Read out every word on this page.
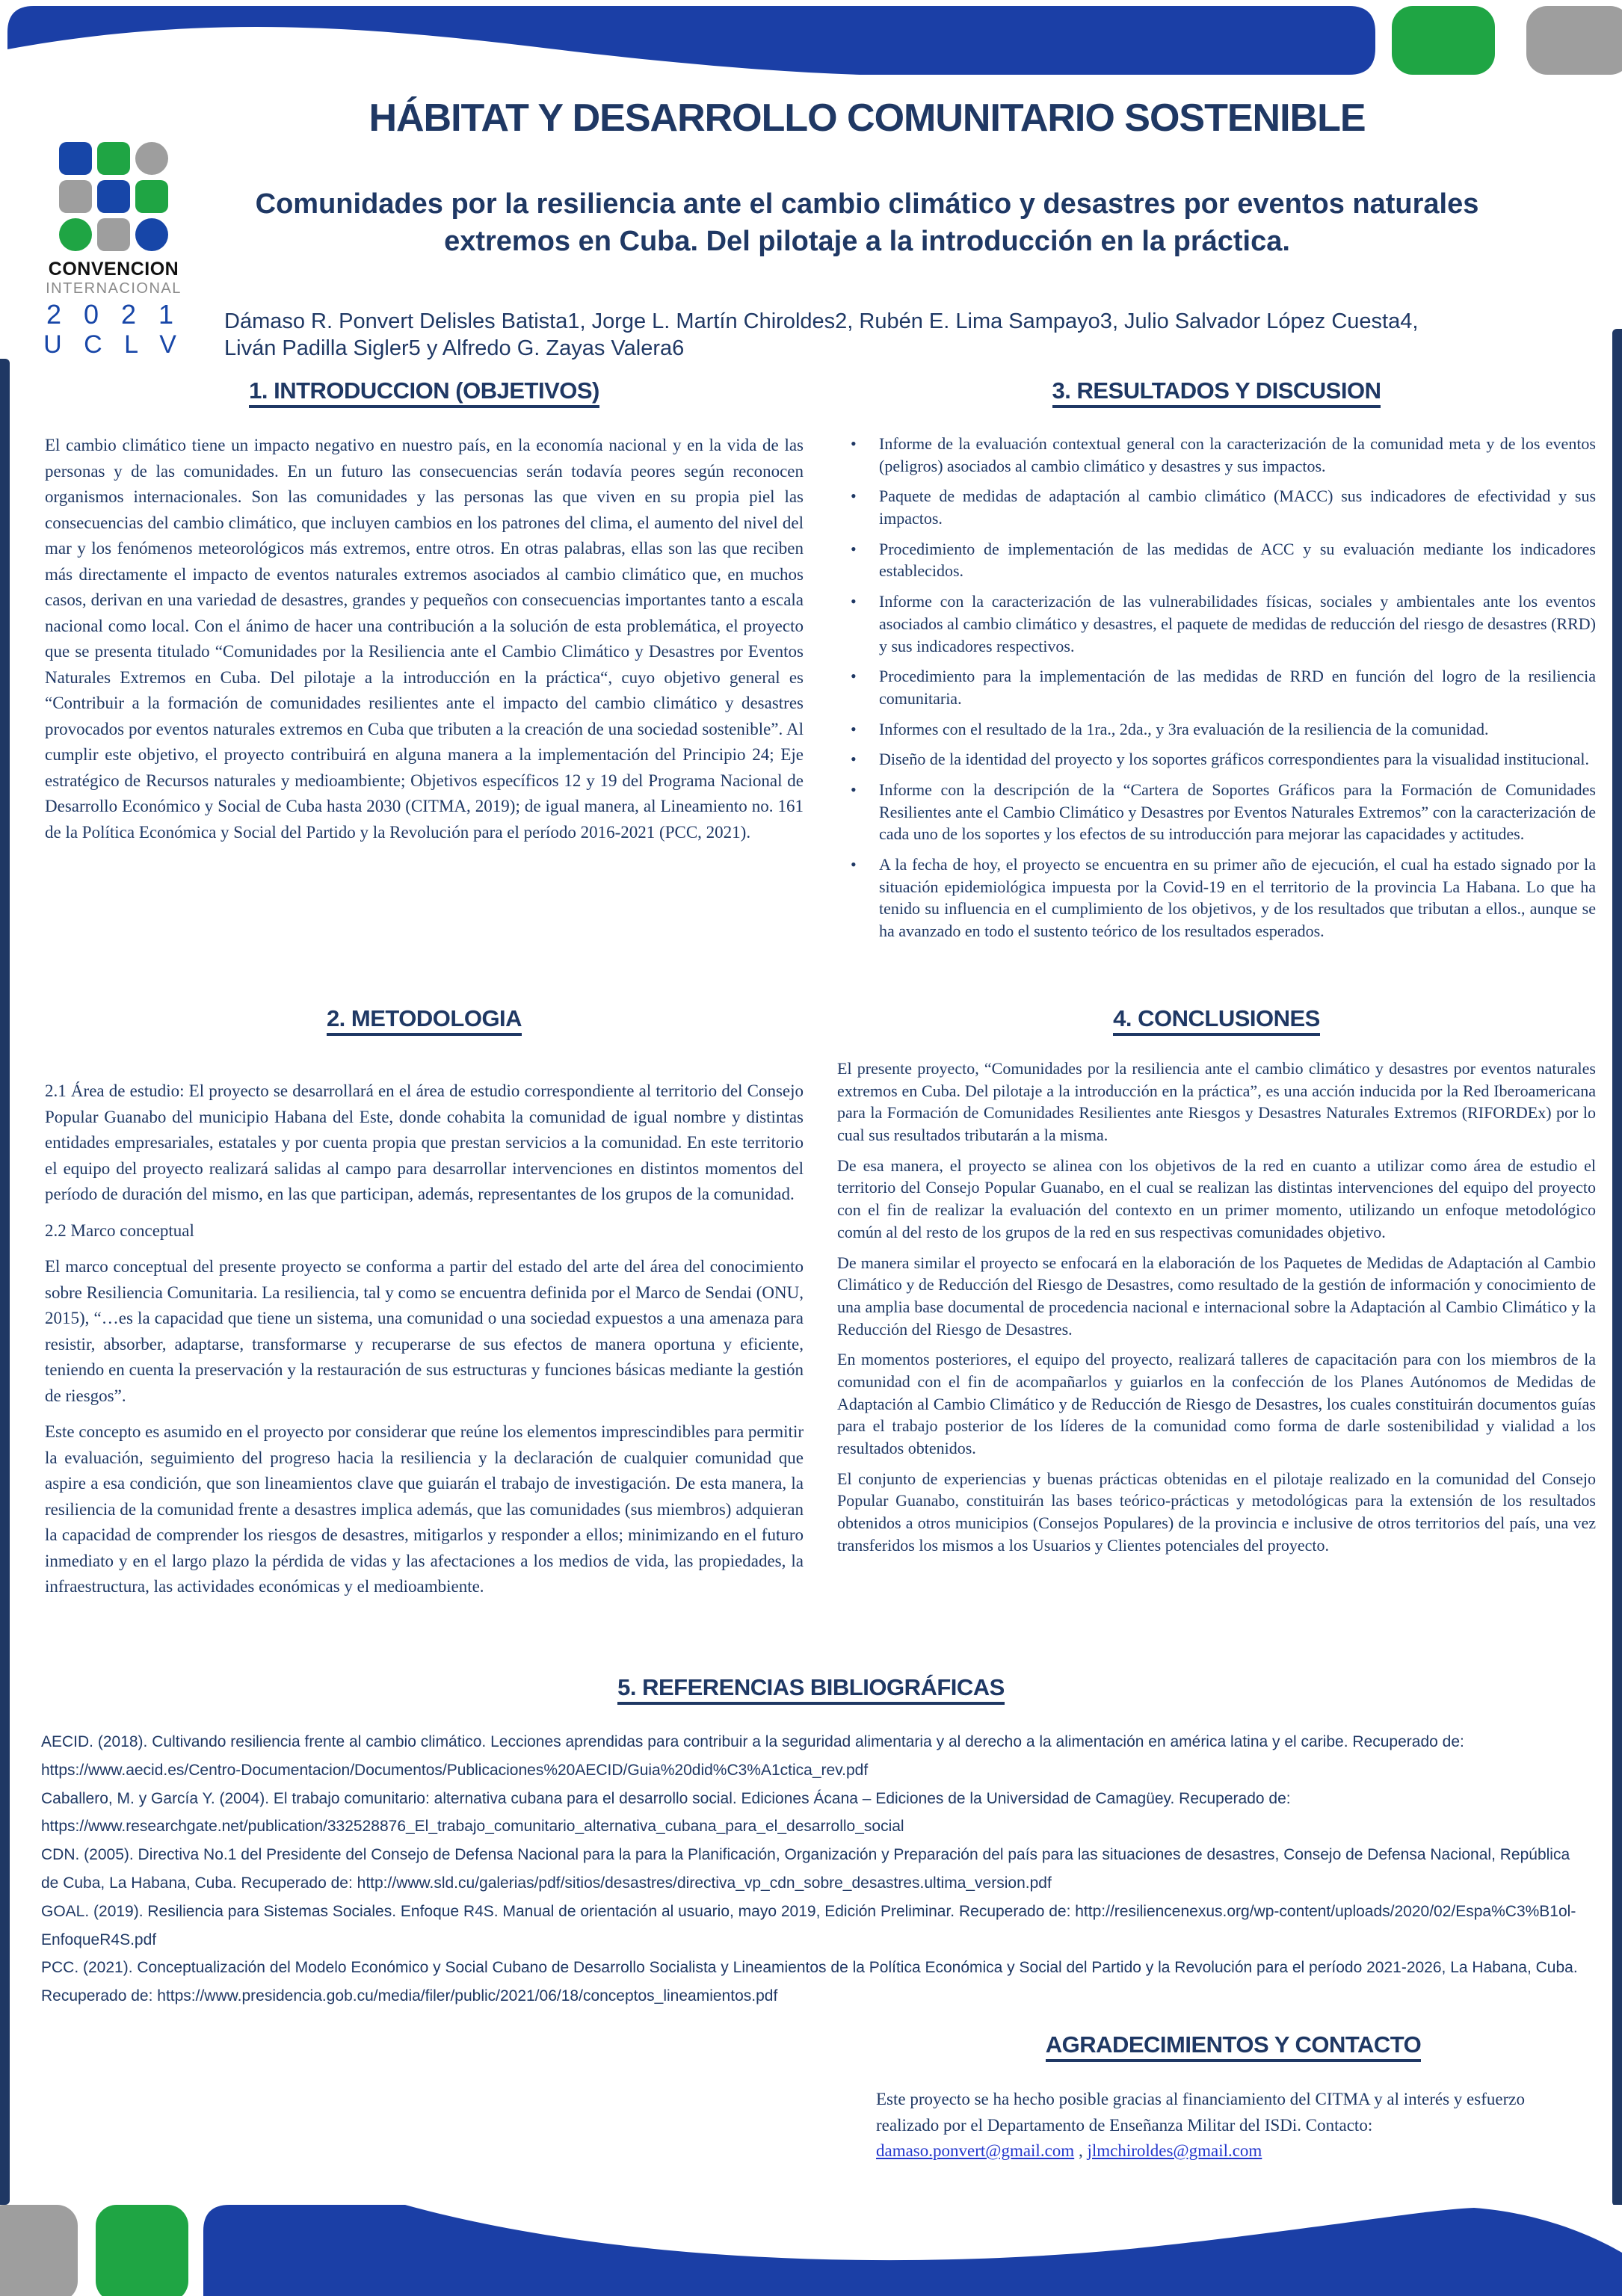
CONVENCION
INTERNACIONAL
2 0 2 1
U C L V
HÁBITAT Y DESARROLLO COMUNITARIO SOSTENIBLE
Comunidades por la resiliencia ante el cambio climático y desastres por eventos naturales extremos en Cuba. Del pilotaje a la introducción en la práctica.
Dámaso R. Ponvert Delisles Batista1, Jorge L. Martín Chiroldes2, Rubén E. Lima Sampayo3, Julio Salvador López Cuesta4, Liván Padilla Sigler5 y Alfredo G. Zayas Valera6
1. INTRODUCCION (OBJETIVOS)

El cambio climático tiene un impacto negativo en nuestro país, en la economía nacional y en la vida de las personas y de las comunidades. En un futuro las consecuencias serán todavía peores según reconocen organismos internacionales. Son las comunidades y las personas las que viven en su propia piel las consecuencias del cambio climático, que incluyen cambios en los patrones del clima, el aumento del nivel del mar y los fenómenos meteorológicos más extremos, entre otros. En otras palabras, ellas son las que reciben más directamente el impacto de eventos naturales extremos asociados al cambio climático que, en muchos casos, derivan en una variedad de desastres, grandes y pequeños con consecuencias importantes tanto a escala nacional como local. Con el ánimo de hacer una contribución a la solución de esta problemática, el proyecto que se presenta titulado “Comunidades por la Resiliencia ante el Cambio Climático y Desastres por Eventos Naturales Extremos en Cuba. Del pilotaje a la introducción en la práctica“, cuyo objetivo general es “Contribuir a la formación de comunidades resilientes ante el impacto del cambio climático y desastres provocados por eventos naturales extremos en Cuba que tributen a la creación de una sociedad sostenible”. Al cumplir este objetivo, el proyecto contribuirá en alguna manera a la implementación del Principio 24; Eje estratégico de Recursos naturales y medioambiente; Objetivos específicos 12 y 19 del Programa Nacional de Desarrollo Económico y Social de Cuba hasta 2030 (CITMA, 2019); de igual manera, al Lineamiento no. 161 de la Política Económica y Social del Partido y la Revolución para el período 2016-2021 (PCC, 2021).

2. METODOLOGIA

2.1 Área de estudio: El proyecto se desarrollará en el área de estudio correspondiente al territorio del Consejo Popular Guanabo del municipio Habana del Este, donde cohabita la comunidad de igual nombre y distintas entidades empresariales, estatales y por cuenta propia que prestan servicios a la comunidad. En este territorio el equipo del proyecto realizará salidas al campo para desarrollar intervenciones en distintos momentos del período de duración del mismo, en las que participan, además, representantes de los grupos de la comunidad.

2.2 Marco conceptual

El marco conceptual del presente proyecto se conforma a partir del estado del arte del área del conocimiento sobre Resiliencia Comunitaria. La resiliencia, tal y como se encuentra definida por el Marco de Sendai (ONU, 2015), “…es la capacidad que tiene un sistema, una comunidad o una sociedad expuestos a una amenaza para resistir, absorber, adaptarse, transformarse y recuperarse de sus efectos de manera oportuna y eficiente, teniendo en cuenta la preservación y la restauración de sus estructuras y funciones básicas mediante la gestión de riesgos”.

Este concepto es asumido en el proyecto por considerar que reúne los elementos imprescindibles para permitir la evaluación, seguimiento del progreso hacia la resiliencia y la declaración de cualquier comunidad que aspire a esa condición, que son lineamientos clave que guiarán el trabajo de investigación. De esta manera, la resiliencia de la comunidad frente a desastres implica además, que las comunidades (sus miembros) adquieran la capacidad de comprender los riesgos de desastres, mitigarlos y responder a ellos; minimizando en el futuro inmediato y en el largo plazo la pérdida de vidas y las afectaciones a los medios de vida, las propiedades, la infraestructura, las actividades económicas y el medioambiente.

3. RESULTADOS Y DISCUSION
• Informe de la evaluación contextual general con la caracterización de la comunidad meta y de los eventos (peligros) asociados al cambio climático y desastres y sus impactos.
• Paquete de medidas de adaptación al cambio climático (MACC) sus indicadores de efectividad y sus impactos.
• Procedimiento de implementación de las medidas de ACC y su evaluación mediante los indicadores establecidos.
• Informe con la caracterización de las vulnerabilidades físicas, sociales y ambientales ante los eventos asociados al cambio climático y desastres, el paquete de medidas de reducción del riesgo de desastres (RRD) y sus indicadores respectivos.
• Procedimiento para la implementación de las medidas de RRD en función del logro de la resiliencia comunitaria.
• Informes con el resultado de la 1ra., 2da., y 3ra evaluación de la resiliencia de la comunidad.
• Diseño de la identidad del proyecto y los soportes gráficos correspondientes para la visualidad institucional.
• Informe con la descripción de la “Cartera de Soportes Gráficos para la Formación de Comunidades Resilientes ante el Cambio Climático y Desastres por Eventos Naturales Extremos” con la caracterización de cada uno de los soportes y los efectos de su introducción para mejorar las capacidades y actitudes.
• A la fecha de hoy, el proyecto se encuentra en su primer año de ejecución, el cual ha estado signado por la situación epidemiológica impuesta por la Covid-19 en el territorio de la provincia La Habana. Lo que ha tenido su influencia en el cumplimiento de los objetivos, y de los resultados que tributan a ellos., aunque se ha avanzado en todo el sustento teórico de los resultados esperados.
4. CONCLUSIONES

El presente proyecto, “Comunidades por la resiliencia ante el cambio climático y desastres por eventos naturales extremos en Cuba. Del pilotaje a la introducción en la práctica”, es una acción inducida por la Red Iberoamericana para la Formación de Comunidades Resilientes ante Riesgos y Desastres Naturales Extremos (RIFORDEx) por lo cual sus resultados tributarán a la misma.

De esa manera, el proyecto se alinea con los objetivos de la red en cuanto a utilizar como área de estudio el territorio del Consejo Popular Guanabo, en el cual se realizan las distintas intervenciones del equipo del proyecto con el fin de realizar la evaluación del contexto en un primer momento, utilizando un enfoque metodológico común al del resto de los grupos de la red en sus respectivas comunidades objetivo.

De manera similar el proyecto se enfocará en la elaboración de los Paquetes de Medidas de Adaptación al Cambio Climático y de Reducción del Riesgo de Desastres, como resultado de la gestión de información y conocimiento de una amplia base documental de procedencia nacional e internacional sobre la Adaptación al Cambio Climático y la Reducción del Riesgo de Desastres.

En momentos posteriores, el equipo del proyecto, realizará talleres de capacitación para con los miembros de la comunidad con el fin de acompañarlos y guiarlos en la confección de los Planes Autónomos de Medidas de Adaptación al Cambio Climático y de Reducción de Riesgo de Desastres, los cuales constituirán documentos guías para el trabajo posterior de los líderes de la comunidad como forma de darle sostenibilidad y vialidad a los resultados obtenidos.

El conjunto de experiencias y buenas prácticas obtenidas en el pilotaje realizado en la comunidad del Consejo Popular Guanabo, constituirán las bases teórico-prácticas y metodológicas para la extensión de los resultados obtenidos a otros municipios (Consejos Populares) de la provincia e inclusive de otros territorios del país, una vez transferidos los mismos a los Usuarios y Clientes potenciales del proyecto.

5. REFERENCIAS BIBLIOGRÁFICAS

AECID. (2018). Cultivando resiliencia frente al cambio climático. Lecciones aprendidas para contribuir a la seguridad alimentaria y al derecho a la alimentación en américa latina y el caribe. Recuperado de: https://www.aecid.es/Centro-Documentacion/Documentos/Publicaciones%20AECID/Guia%20did%C3%A1ctica_rev.pdf

Caballero, M. y García Y. (2004). El trabajo comunitario: alternativa cubana para el desarrollo social. Ediciones Ácana – Ediciones de la Universidad de Camagüey. Recuperado de: https://www.researchgate.net/publication/332528876_El_trabajo_comunitario_alternativa_cubana_para_el_desarrollo_social

CDN. (2005). Directiva No.1 del Presidente del Consejo de Defensa Nacional para la para la Planificación, Organización y Preparación del país para las situaciones de desastres, Consejo de Defensa Nacional, República de Cuba, La Habana, Cuba. Recuperado de: http://www.sld.cu/galerias/pdf/sitios/desastres/directiva_vp_cdn_sobre_desastres.ultima_version.pdf

GOAL. (2019). Resiliencia para Sistemas Sociales. Enfoque R4S. Manual de orientación al usuario, mayo 2019, Edición Preliminar. Recuperado de: http://resiliencenexus.org/wp-content/uploads/2020/02/Espa%C3%B1ol-EnfoqueR4S.pdf

PCC. (2021). Conceptualización del Modelo Económico y Social Cubano de Desarrollo Socialista y Lineamientos de la Política Económica y Social del Partido y la Revolución para el período 2021-2026, La Habana, Cuba. Recuperado de: https://www.presidencia.gob.cu/media/filer/public/2021/06/18/conceptos_lineamientos.pdf

AGRADECIMIENTOS Y CONTACTO
Este proyecto se ha hecho posible gracias al financiamiento del CITMA y al interés y esfuerzo realizado por el Departamento de Enseñanza Militar del ISDi. Contacto:
damaso.ponvert@gmail.com , jlmchiroldes@gmail.com
